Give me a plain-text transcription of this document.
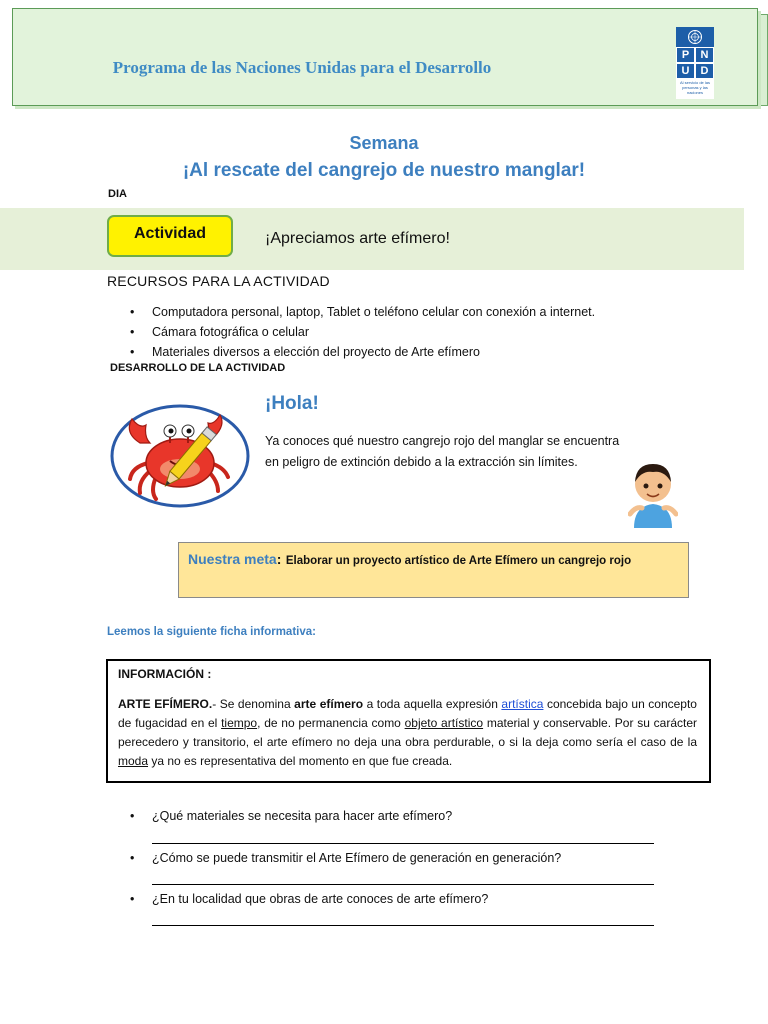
Programa de las Naciones Unidas para el Desarrollo
P	N
U	D
Al servicio de las personas y las naciones
Semana
¡Al rescate del cangrejo de nuestro manglar!
DIA
Actividad	¡Apreciamos arte efímero!
RECURSOS PARA LA ACTIVIDAD
• Computadora personal, laptop, Tablet o teléfono celular con conexión a internet.
• Cámara fotográfica o celular
• Materiales diversos a elección del proyecto de Arte efímero
DESARROLLO DE LA ACTIVIDAD
¡Hola!
Ya conoces qué nuestro cangrejo rojo del manglar se encuentra
en peligro de extinción debido a la extracción sin límites.
Nuestra meta: Elaborar un proyecto artístico de Arte Efímero un cangrejo rojo
Leemos la siguiente ficha informativa:
INFORMACIÓN :
ARTE EFÍMERO.- Se denomina arte efímero a toda aquella expresión artística concebida bajo un concepto de fugacidad en el tiempo, de no permanencia como objeto artístico material y conservable. Por su carácter perecedero y transitorio, el arte efímero no deja una obra perdurable, o si la deja como sería el caso de la moda ya no es representativa del momento en que fue creada.
• ¿Qué materiales se necesita para hacer arte efímero?
• ¿Cómo se puede transmitir el Arte Efímero de generación en generación?
• ¿En tu localidad que obras de arte conoces de arte efímero?
